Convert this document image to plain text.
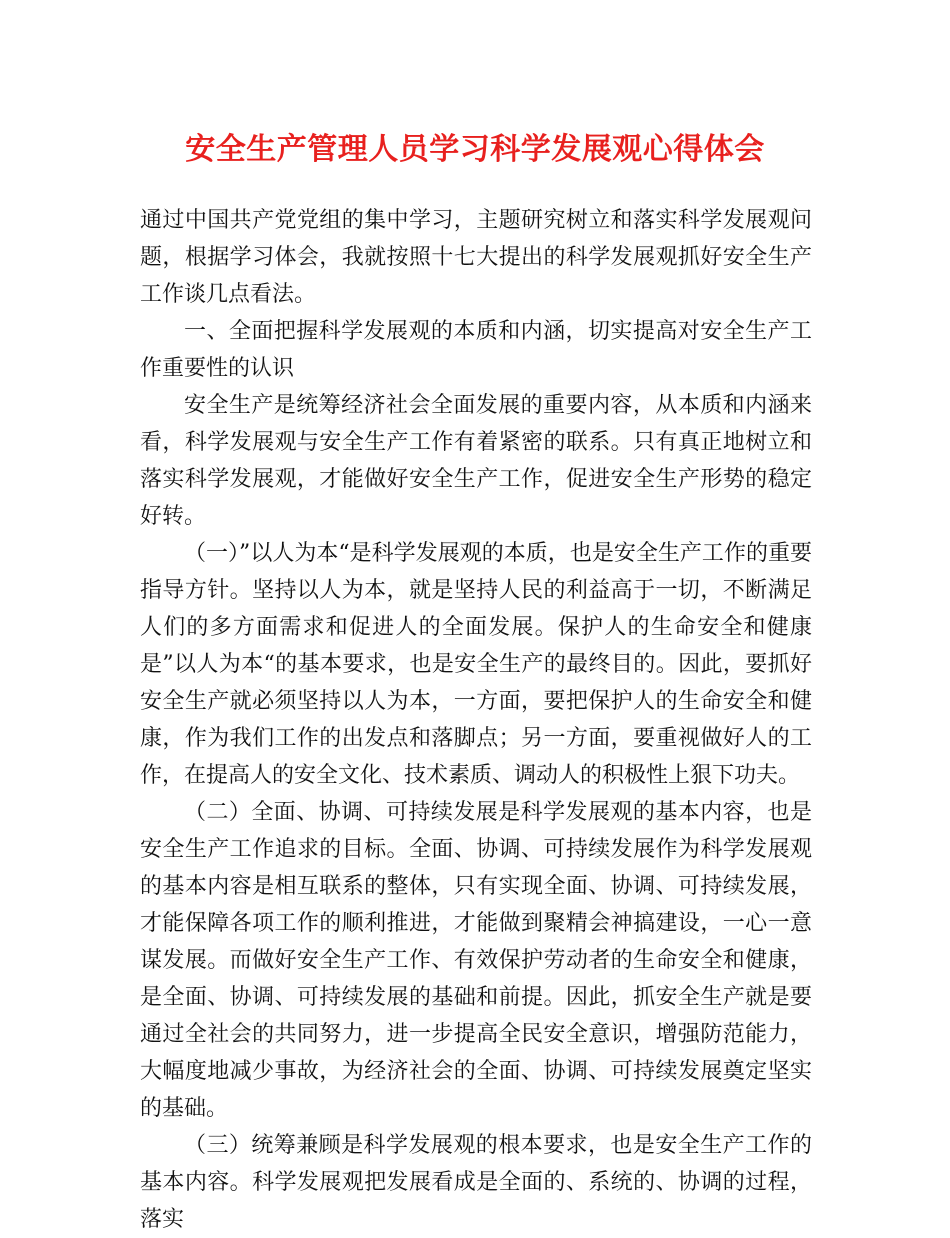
安全生产管理人员学习科学发展观心得体会

通过中国共产党党组的集中学习，主题研究树立和落实科学发展观问题，根据学习体会，我就按照十七大提出的科学发展观抓好安全生产工作谈几点看法。

一、全面把握科学发展观的本质和内涵，切实提高对安全生产工作重要性的认识

安全生产是统筹经济社会全面发展的重要内容，从本质和内涵来看，科学发展观与安全生产工作有着紧密的联系。只有真正地树立和落实科学发展观，才能做好安全生产工作，促进安全生产形势的稳定好转。

（一）”以人为本“是科学发展观的本质，也是安全生产工作的重要指导方针。坚持以人为本，就是坚持人民的利益高于一切，不断满足人们的多方面需求和促进人的全面发展。保护人的生命安全和健康是”以人为本“的基本要求，也是安全生产的最终目的。因此，要抓好安全生产就必须坚持以人为本，一方面，要把保护人的生命安全和健康，作为我们工作的出发点和落脚点；另一方面，要重视做好人的工作，在提高人的安全文化、技术素质、调动人的积极性上狠下功夫。

（二）全面、协调、可持续发展是科学发展观的基本内容，也是安全生产工作追求的目标。全面、协调、可持续发展作为科学发展观的基本内容是相互联系的整体，只有实现全面、协调、可持续发展，才能保障各项工作的顺利推进，才能做到聚精会神搞建设，一心一意谋发展。而做好安全生产工作、有效保护劳动者的生命安全和健康，是全面、协调、可持续发展的基础和前提。因此，抓安全生产就是要通过全社会的共同努力，进一步提高全民安全意识，增强防范能力，大幅度地减少事故，为经济社会的全面、协调、可持续发展奠定坚实的基础。

（三）统筹兼顾是科学发展观的根本要求，也是安全生产工作的基本内容。科学发展观把发展看成是全面的、系统的、协调的过程，落实
